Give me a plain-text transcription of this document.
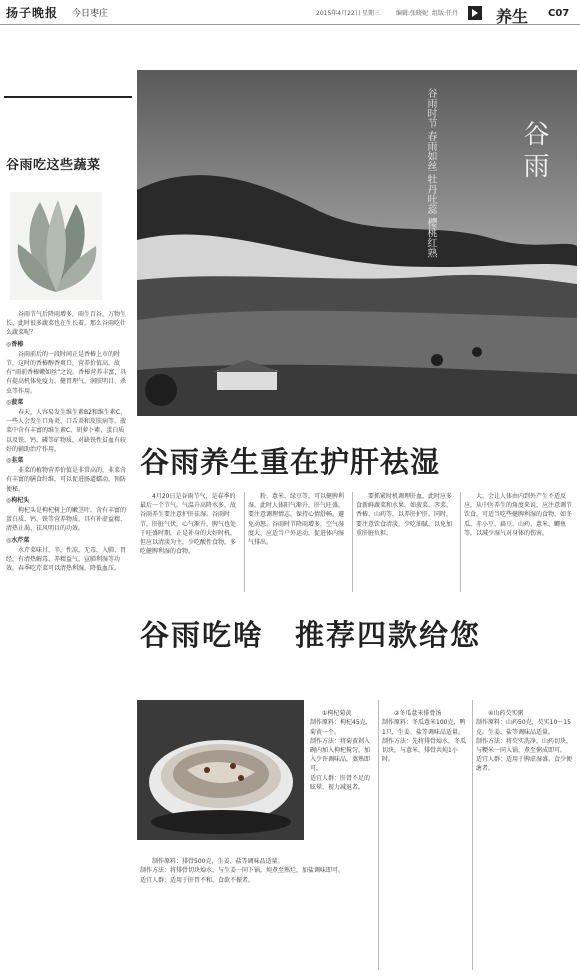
扬子晚报 今日枣庄	2015年4月22日 星期三	编辑:张晓妮 组版:任丹 养生 C07
谷雨吃这些蔬菜

谷雨节气后降雨增多，雨生百谷，万物生长，此时很多蔬菜也在生长着，那么谷雨吃什么蔬菜呢？

◎香椿

谷雨前后的一段时间正是香椿上市的时节，这时的香椿醇香爽口，营养价值高，故有“雨前香椿嫩如丝”之说。香椿营养丰富，具有提高机体免疫力、健胃理气、润肤明目、杀虫等作用。

◎菠菜

春天，人容易发生维生素B2和维生素C、一些人会发生口角炎、口舌炎和皮肤病等。菠菜中含有丰富的维生素C、胡萝卜素、蛋白质以及铁、钙、磷等矿物质，对缺铁性贫血有较好的辅助治疗作用。

◎韭菜

韭菜的植物营养价值是非常高的，韭菜含有丰富的膳食纤维，可以促进肠道蠕动，预防便秘。

◎枸杞头

枸杞头是枸杞树上的嫩茎叶，含有丰富的蛋白质、钙、铁等营养物质，具有补虚益精、清热止渴、祛风明目的功效。

◎水芹菜

水芹菜味甘、辛，性凉，无毒，入肺、胃经，有清热解毒、养精益气、宣肺利湿等功效。春季吃芹菜可以清热利湿，降低血压。

谷雨时节 春雨如丝 牡丹吐蕊 樱桃红熟	谷雨
谷雨养生重在护肝祛湿

4月20日是谷雨节气，是春季的最后一个节气。气温升高降水多，故谷雨养生要注意护肝祛湿。谷雨时节，肝脏气伏，心气渐升，脾气也处于旺盛时期，正是补身的大好时机，但应以清淡为主，少吃酸性食物，多吃健脾利湿的食物。

粉、薏米、绿豆等，可以健脾利湿。此时人体阳气渐升，肝气旺盛，要注意调理情志，保持心情舒畅，避免动怒。谷雨时节降雨增多，空气湿度大，应适当户外运动，促进体内湿气排出。

要抓紧时机调理肝血，此时应多食新鲜蔬菜和水果，如菠菜、荠菜、香椿、山药等，以养肝护肝。同时，要注意饮食清淡，少吃油腻，以免加重肝脏负担。

大，会让人体由内到外产生不适反应。从中医养生的角度来说，应注意调节饮食，可适当吃些健脾利湿的食物，如冬瓜、赤小豆、扁豆、山药、薏米、鲫鱼等，以减少湿气对身体的伤害。

谷雨吃啥　推荐四款给您

①枸杞菊黄
制作原料：枸杞45克，菊黄一个。
制作方法：将菊黄剁入碗内加入枸杞搅匀，加入少许调味品，蒸熟即可。
适宜人群：肝肾不足的眩晕、视力减退者。

②冬瓜薏米排骨汤
制作原料：冬瓜薏米100克，鸭1只，生姜、盐等调味品适量。
制作方法：先将排骨焯水，冬瓜切块，与薏米、排骨共炖1小时。

④山药芡实粥
制作原料：山药50克，芡实10～15克，生姜、盐等调味品适量。
制作方法：将芡实洗净，山药切块，与粳米一同入锅，煮至粥成即可。
适宜人群：适用于脾虚湿盛、食少便溏者。

制作原料：排骨500克，生姜、盐等调味品适量。
制作方法：将排骨切块焯水，与生姜一同下锅，炖煮至熟烂，加盐调味即可。
适宜人群：适用于肝胃不和、食欲不振者。
